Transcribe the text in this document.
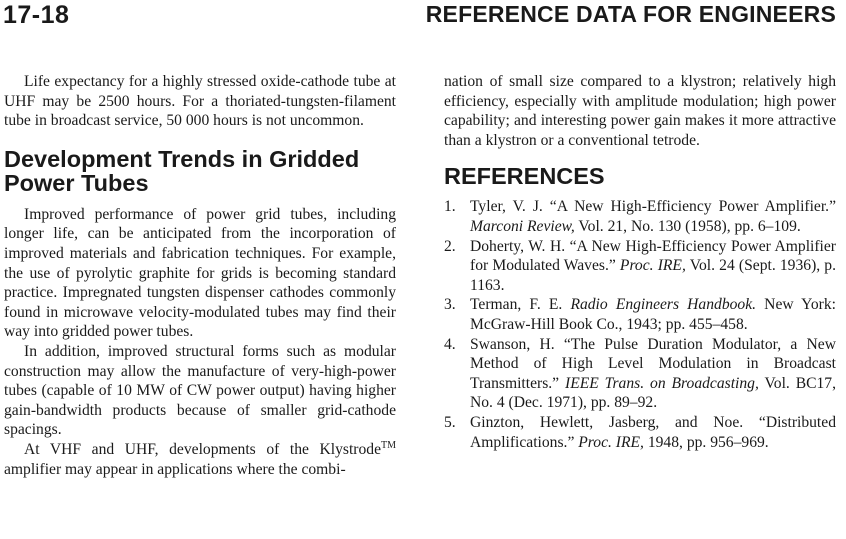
17-18	REFERENCE DATA FOR ENGINEERS

Life expectancy for a highly stressed oxide-cathode tube at UHF may be 2500 hours. For a thoriated-tungsten-filament tube in broadcast service, 50 000 hours is not uncommon.

Development Trends in Gridded Power Tubes

Improved performance of power grid tubes, including longer life, can be anticipated from the incorporation of improved materials and fabrication techniques. For example, the use of pyrolytic graphite for grids is becoming standard practice. Impregnated tungsten dispenser cathodes commonly found in microwave velocity-modulated tubes may find their way into gridded power tubes.

In addition, improved structural forms such as modular construction may allow the manufacture of very-high-power tubes (capable of 10 MW of CW power output) having higher gain-bandwidth products because of smaller grid-cathode spacings.

At VHF and UHF, developments of the Klystrode™ amplifier may appear in applications where the combi-

nation of small size compared to a klystron; relatively high efficiency, especially with amplitude modulation; high power capability; and interesting power gain makes it more attractive than a klystron or a conventional tetrode.

REFERENCES
1. Tyler, V. J. “A New High-Efficiency Power Amplifier.” Marconi Review, Vol. 21, No. 130 (1958), pp. 6–109.
2. Doherty, W. H. “A New High-Efficiency Power Amplifier for Modulated Waves.” Proc. IRE, Vol. 24 (Sept. 1936), p. 1163.
3. Terman, F. E. Radio Engineers Handbook. New York: McGraw-Hill Book Co., 1943; pp. 455–458.
4. Swanson, H. “The Pulse Duration Modulator, a New Method of High Level Modulation in Broadcast Transmitters.” IEEE Trans. on Broadcasting, Vol. BC17, No. 4 (Dec. 1971), pp. 89–92.
5. Ginzton, Hewlett, Jasberg, and Noe. “Distributed Amplifications.” Proc. IRE, 1948, pp. 956–969.
